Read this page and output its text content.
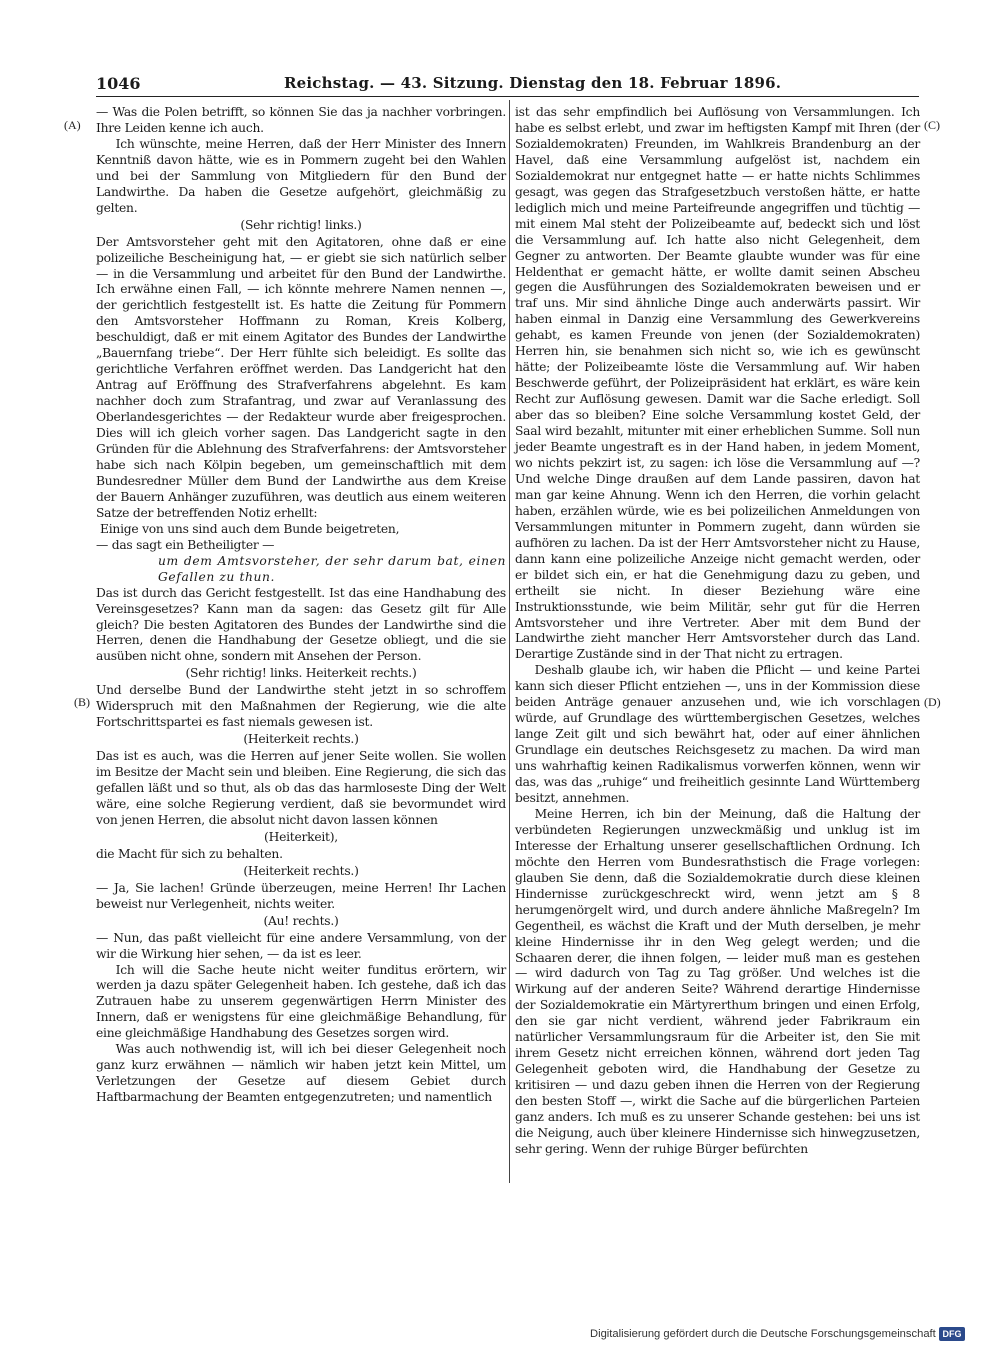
1046	Reichstag. — 43. Sitzung. Dienstag den 18. Februar 1896.
(A)
(B)
(C)
(D)
— Was die Polen betrifft, so können Sie das ja nachher vorbringen. Ihre Leiden kenne ich auch.
Ich wünschte, meine Herren, daß der Herr Minister des Innern Kenntniß davon hätte, wie es in Pommern zugeht bei den Wahlen und bei der Sammlung von Mitgliedern für den Bund der Landwirthe. Da haben die Gesetze aufgehört, gleichmäßig zu gelten.
(Sehr richtig! links.)
Der Amtsvorsteher geht mit den Agitatoren, ohne daß er eine polizeiliche Bescheinigung hat, — er giebt sie sich natürlich selber — in die Versammlung und arbeitet für den Bund der Landwirthe. Ich erwähne einen Fall, — ich könnte mehrere Namen nennen —, der gerichtlich festgestellt ist. Es hatte die Zeitung für Pommern den Amtsvorsteher Hoffmann zu Roman, Kreis Kolberg, beschuldigt, daß er mit einem Agitator des Bundes der Landwirthe „Bauernfang triebe“. Der Herr fühlte sich beleidigt. Es sollte das gerichtliche Verfahren eröffnet werden. Das Landgericht hat den Antrag auf Eröffnung des Strafverfahrens abgelehnt. Es kam nachher doch zum Strafantrag, und zwar auf Veranlassung des Oberlandesgerichtes — der Redakteur wurde aber freigesprochen. Dies will ich gleich vorher sagen. Das Landgericht sagte in den Gründen für die Ablehnung des Strafverfahrens: der Amtsvorsteher habe sich nach Kölpin begeben, um gemeinschaftlich mit dem Bundesredner Müller dem Bund der Landwirthe aus dem Kreise der Bauern Anhänger zuzuführen, was deutlich aus einem weiteren Satze der betreffenden Notiz erhellt:
Einige von uns sind auch dem Bunde beigetreten,
— das sagt ein Betheiligter —
um dem Amtsvorsteher, der sehr darum bat, einen Gefallen zu thun.
Das ist durch das Gericht festgestellt. Ist das eine Handhabung des Vereinsgesetzes? Kann man da sagen: das Gesetz gilt für Alle gleich? Die besten Agitatoren des Bundes der Landwirthe sind die Herren, denen die Handhabung der Gesetze obliegt, und die sie ausüben nicht ohne, sondern mit Ansehen der Person.
(Sehr richtig! links. Heiterkeit rechts.)
Und derselbe Bund der Landwirthe steht jetzt in so schroffem Widerspruch mit den Maßnahmen der Regierung, wie die alte Fortschrittspartei es fast niemals gewesen ist.
(Heiterkeit rechts.)
Das ist es auch, was die Herren auf jener Seite wollen. Sie wollen im Besitze der Macht sein und bleiben. Eine Regierung, die sich das gefallen läßt und so thut, als ob das das harmloseste Ding der Welt wäre, eine solche Regierung verdient, daß sie bevormundet wird von jenen Herren, die absolut nicht davon lassen können
(Heiterkeit),
die Macht für sich zu behalten.
(Heiterkeit rechts.)
— Ja, Sie lachen! Gründe überzeugen, meine Herren! Ihr Lachen beweist nur Verlegenheit, nichts weiter.
(Au! rechts.)
— Nun, das paßt vielleicht für eine andere Versammlung, von der wir die Wirkung hier sehen, — da ist es leer.
Ich will die Sache heute nicht weiter funditus erörtern, wir werden ja dazu später Gelegenheit haben. Ich gestehe, daß ich das Zutrauen habe zu unserem gegenwärtigen Herrn Minister des Innern, daß er wenigstens für eine gleichmäßige Behandlung, für eine gleichmäßige Handhabung des Gesetzes sorgen wird.
Was auch nothwendig ist, will ich bei dieser Gelegenheit noch ganz kurz erwähnen — nämlich wir haben jetzt kein Mittel, um Verletzungen der Gesetze auf diesem Gebiet durch Haftbarmachung der Beamten entgegenzutreten; und namentlich
ist das sehr empfindlich bei Auflösung von Versammlungen. Ich habe es selbst erlebt, und zwar im heftigsten Kampf mit Ihren (der Sozialdemokraten) Freunden, im Wahlkreis Brandenburg an der Havel, daß eine Versammlung aufgelöst ist, nachdem ein Sozialdemokrat nur entgegnet hatte — er hatte nichts Schlimmes gesagt, was gegen das Strafgesetzbuch verstoßen hätte, er hatte lediglich mich und meine Parteifreunde angegriffen und tüchtig — mit einem Mal steht der Polizeibeamte auf, bedeckt sich und löst die Versammlung auf. Ich hatte also nicht Gelegenheit, dem Gegner zu antworten. Der Beamte glaubte wunder was für eine Heldenthat er gemacht hätte, er wollte damit seinen Abscheu gegen die Ausführungen des Sozialdemokraten beweisen und er traf uns. Mir sind ähnliche Dinge auch anderwärts passirt. Wir haben einmal in Danzig eine Versammlung des Gewerkvereins gehabt, es kamen Freunde von jenen (der Sozialdemokraten) Herren hin, sie benahmen sich nicht so, wie ich es gewünscht hätte; der Polizeibeamte löste die Versammlung auf. Wir haben Beschwerde geführt, der Polizeipräsident hat erklärt, es wäre kein Recht zur Auflösung gewesen. Damit war die Sache erledigt. Soll aber das so bleiben? Eine solche Versammlung kostet Geld, der Saal wird bezahlt, mitunter mit einer erheblichen Summe. Soll nun jeder Beamte ungestraft es in der Hand haben, in jedem Moment, wo nichts pekzirt ist, zu sagen: ich löse die Versammlung auf —? Und welche Dinge draußen auf dem Lande passiren, davon hat man gar keine Ahnung. Wenn ich den Herren, die vorhin gelacht haben, erzählen würde, wie es bei polizeilichen Anmeldungen von Versammlungen mitunter in Pommern zugeht, dann würden sie aufhören zu lachen. Da ist der Herr Amtsvorsteher nicht zu Hause, dann kann eine polizeiliche Anzeige nicht gemacht werden, oder er bildet sich ein, er hat die Genehmigung dazu zu geben, und ertheilt sie nicht. In dieser Beziehung wäre eine Instruktionsstunde, wie beim Militär, sehr gut für die Herren Amtsvorsteher und ihre Vertreter. Aber mit dem Bund der Landwirthe zieht mancher Herr Amtsvorsteher durch das Land. Derartige Zustände sind in der That nicht zu ertragen.
Deshalb glaube ich, wir haben die Pflicht — und keine Partei kann sich dieser Pflicht entziehen —, uns in der Kommission diese beiden Anträge genauer anzusehen und, wie ich vorschlagen würde, auf Grundlage des württembergischen Gesetzes, welches lange Zeit gilt und sich bewährt hat, oder auf einer ähnlichen Grundlage ein deutsches Reichsgesetz zu machen. Da wird man uns wahrhaftig keinen Radikalismus vorwerfen können, wenn wir das, was das „ruhige“ und freiheitlich gesinnte Land Württemberg besitzt, annehmen.
Meine Herren, ich bin der Meinung, daß die Haltung der verbündeten Regierungen unzweckmäßig und unklug ist im Interesse der Erhaltung unserer gesellschaftlichen Ordnung. Ich möchte den Herren vom Bundesrathstisch die Frage vorlegen: glauben Sie denn, daß die Sozialdemokratie durch diese kleinen Hindernisse zurückgeschreckt wird, wenn jetzt am § 8 herumgenörgelt wird, und durch andere ähnliche Maßregeln? Im Gegentheil, es wächst die Kraft und der Muth derselben, je mehr kleine Hindernisse ihr in den Weg gelegt werden; und die Schaaren derer, die ihnen folgen, — leider muß man es gestehen — wird dadurch von Tag zu Tag größer. Und welches ist die Wirkung auf der anderen Seite? Während derartige Hindernisse der Sozialdemokratie ein Märtyrerthum bringen und einen Erfolg, den sie gar nicht verdient, während jeder Fabrikraum ein natürlicher Versammlungsraum für die Arbeiter ist, den Sie mit ihrem Gesetz nicht erreichen können, während dort jeden Tag Gelegenheit geboten wird, die Handhabung der Gesetze zu kritisiren — und dazu geben ihnen die Herren von der Regierung den besten Stoff —, wirkt die Sache auf die bürgerlichen Parteien ganz anders. Ich muß es zu unserer Schande gestehen: bei uns ist die Neigung, auch über kleinere Hindernisse sich hinwegzusetzen, sehr gering. Wenn der ruhige Bürger befürchten
Digitalisierung gefördert durch die Deutsche Forschungsgemeinschaft DFG
